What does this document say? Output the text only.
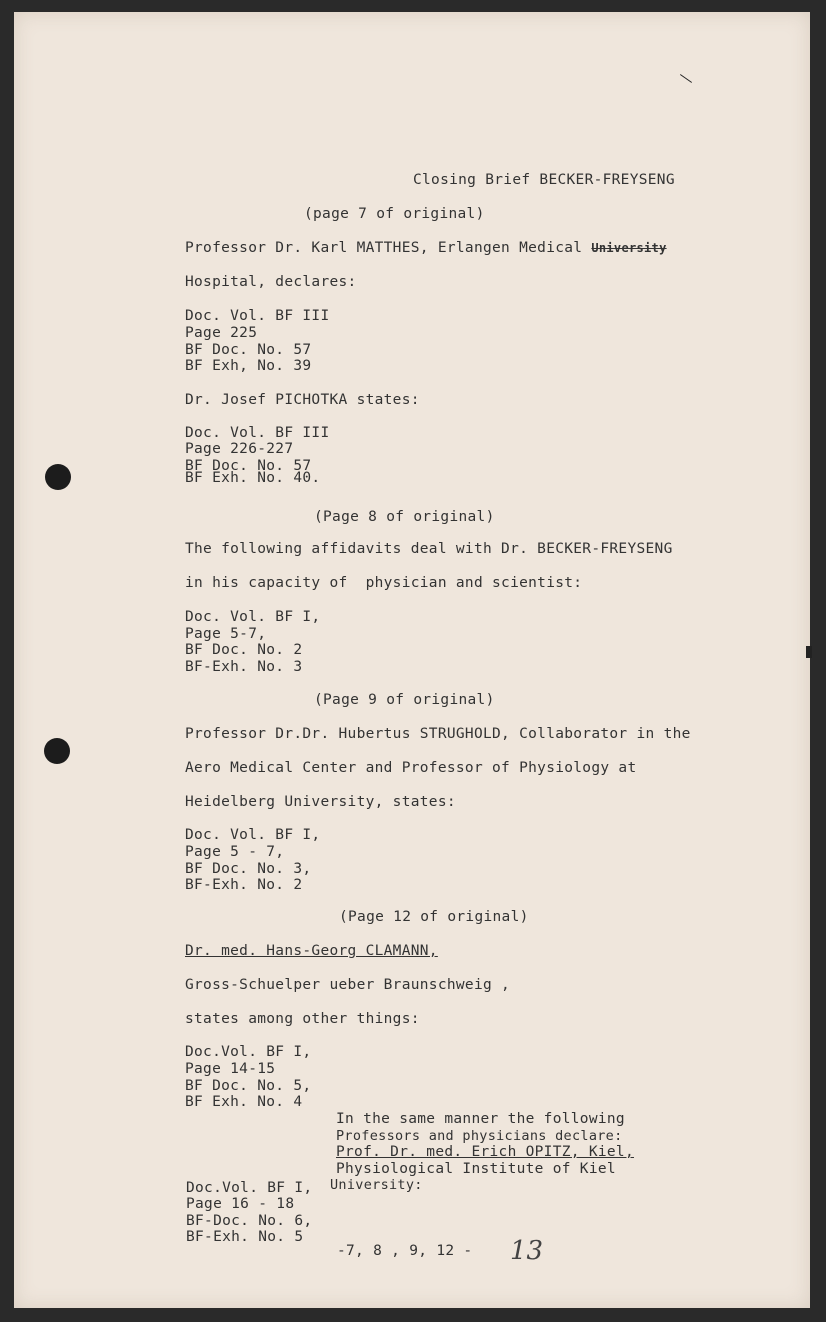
Closing Brief BECKER-FREYSENG
(page 7 of original)
Professor Dr. Karl MATTHES, Erlangen Medical University
Hospital, declares:
Doc. Vol. BF III
Page 225
BF Doc. No. 57
BF Exh, No. 39
Dr. Josef PICHOTKA states:
Doc. Vol. BF III
Page 226-227
BF Doc. No. 57
BF Exh. No. 40.
(Page 8 of original)
The following affidavits deal with Dr. BECKER-FREYSENG
in his capacity of  physician and scientist:
Doc. Vol. BF I,
Page 5-7,
BF Doc. No. 2
BF-Exh. No. 3
(Page 9 of original)
Professor Dr.Dr. Hubertus STRUGHOLD, Collaborator in the
Aero Medical Center and Professor of Physiology at
Heidelberg University, states:
Doc. Vol. BF I,
Page 5 - 7,
BF Doc. No. 3,
BF-Exh. No. 2
(Page 12 of original)
Dr. med. Hans-Georg CLAMANN,
Gross-Schuelper ueber Braunschweig ,
states among other things:
Doc.Vol. BF I,
Page 14-15
BF Doc. No. 5,
BF Exh. No. 4
In the same manner the following
Professors and physicians declare:
Prof. Dr. med. Erich OPITZ, Kiel,
Physiological Institute of Kiel
University:
Doc.Vol. BF I,
Page 16 - 18
BF-Doc. No. 6,
BF-Exh. No. 5
-7, 8 , 9, 12 - 13
